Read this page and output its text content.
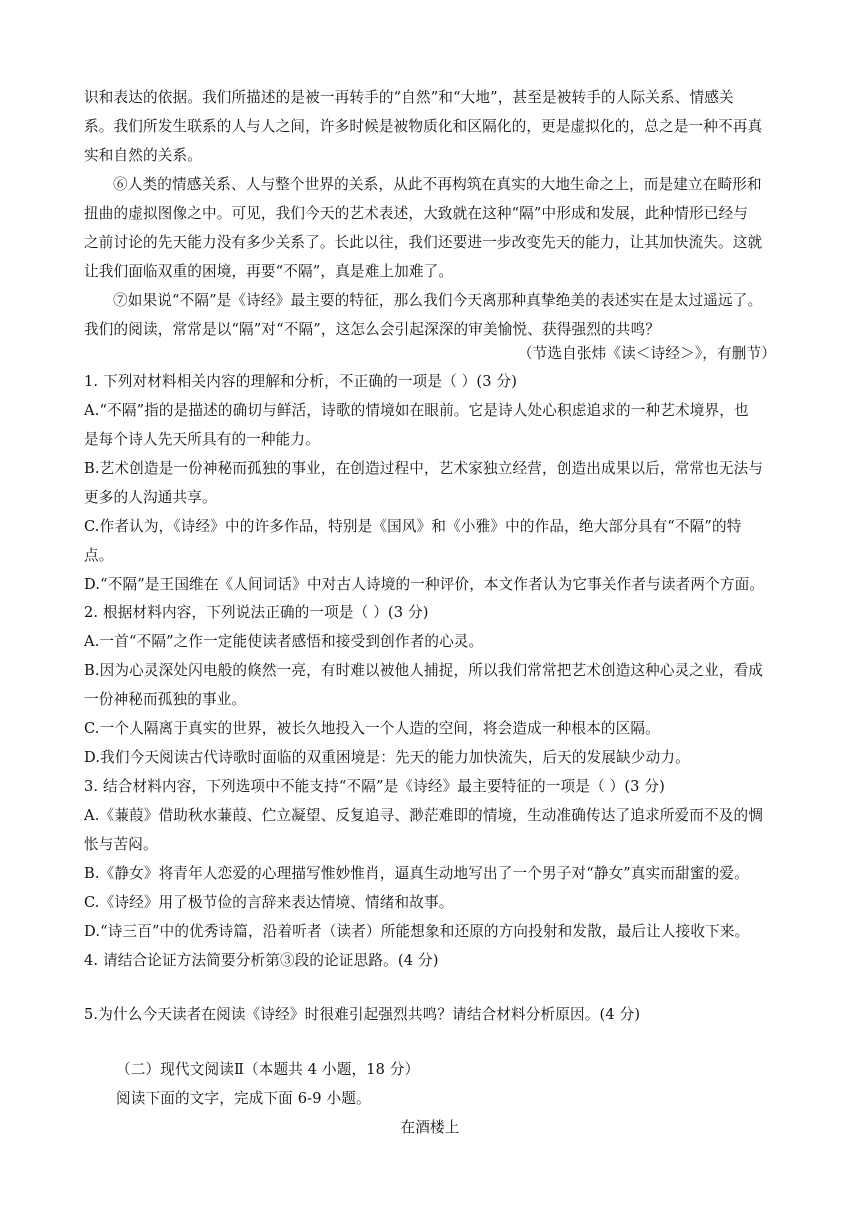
识和表达的依据。我们所描述的是被一再转手的“自然”和“大地”，甚至是被转手的人际关系、情感关
系。我们所发生联系的人与人之间，许多时候是被物质化和区隔化的，更是虚拟化的，总之是一种不再真
实和自然的关系。
⑥人类的情感关系、人与整个世界的关系，从此不再构筑在真实的大地生命之上，而是建立在畸形和
扭曲的虚拟图像之中。可见，我们今天的艺术表述，大致就在这种“隔”中形成和发展，此种情形已经与
之前讨论的先天能力没有多少关系了。长此以往，我们还要进一步改变先天的能力，让其加快流失。这就
让我们面临双重的困境，再要“不隔”，真是难上加难了。
⑦如果说“不隔”是《诗经》最主要的特征，那么我们今天离那种真挚绝美的表述实在是太过遥远了。
我们的阅读，常常是以“隔”对“不隔”，这怎么会引起深深的审美愉悦、获得强烈的共鸣？
（节选自张炜《读＜诗经＞》，有删节）
1. 下列对材料相关内容的理解和分析，不正确的一项是（ ）(3 分)
A.“不隔”指的是描述的确切与鲜活，诗歌的情境如在眼前。它是诗人处心积虑追求的一种艺术境界，也
是每个诗人先天所具有的一种能力。
B.艺术创造是一份神秘而孤独的事业，在创造过程中，艺术家独立经营，创造出成果以后，常常也无法与
更多的人沟通共享。
C.作者认为，《诗经》中的许多作品，特别是《国风》和《小雅》中的作品，绝大部分具有“不隔”的特
点。
D.“不隔”是王国维在《人间词话》中对古人诗境的一种评价，本文作者认为它事关作者与读者两个方面。
2. 根据材料内容，下列说法正确的一项是（ ）(3 分)
A.一首“不隔”之作一定能使读者感悟和接受到创作者的心灵。
B.因为心灵深处闪电般的倏然一亮，有时难以被他人捕捉，所以我们常常把艺术创造这种心灵之业，看成
一份神秘而孤独的事业。
C.一个人隔离于真实的世界，被长久地投入一个人造的空间，将会造成一种根本的区隔。
D.我们今天阅读古代诗歌时面临的双重困境是：先天的能力加快流失，后天的发展缺少动力。
3. 结合材料内容，下列选项中不能支持“不隔”是《诗经》最主要特征的一项是（ ）(3 分)
A.《蒹葭》借助秋水蒹葭、伫立凝望、反复追寻、渺茫难即的情境，生动准确传达了追求所爱而不及的惆
怅与苦闷。
B.《静女》将青年人恋爱的心理描写惟妙惟肖，逼真生动地写出了一个男子对“静女”真实而甜蜜的爱。
C.《诗经》用了极节俭的言辞来表达情境、情绪和故事。
D.“诗三百”中的优秀诗篇，沿着听者（读者）所能想象和还原的方向投射和发散，最后让人接收下来。
4. 请结合论证方法简要分析第③段的论证思路。(4 分)
5.为什么今天读者在阅读《诗经》时很难引起强烈共鸣？请结合材料分析原因。(4 分)
（二）现代文阅读Ⅱ（本题共 4 小题，18 分）
阅读下面的文字，完成下面 6-9 小题。
在酒楼上
